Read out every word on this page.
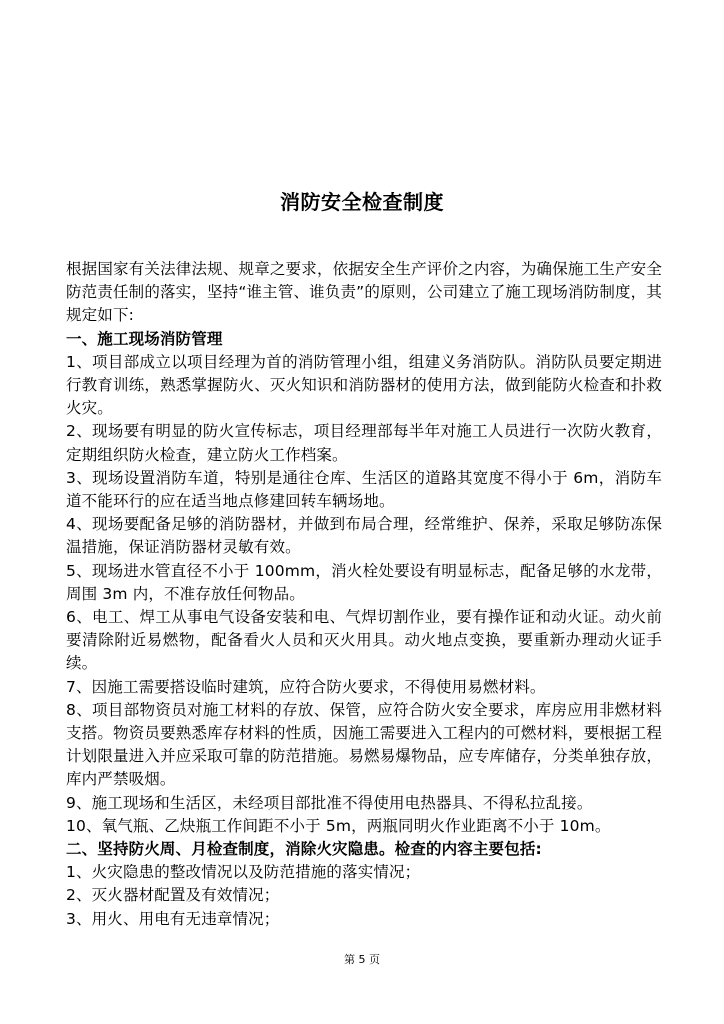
消防安全检查制度

根据国家有关法律法规、规章之要求，依据安全生产评价之内容，为确保施工生产安全防范责任制的落实，坚持“谁主管、谁负责”的原则，公司建立了施工现场消防制度，其规定如下:

一、施工现场消防管理

1、项目部成立以项目经理为首的消防管理小组，组建义务消防队。消防队员要定期进行教育训练，熟悉掌握防火、灭火知识和消防器材的使用方法，做到能防火检查和扑救火灾。

2、现场要有明显的防火宣传标志，项目经理部每半年对施工人员进行一次防火教育，定期组织防火检查，建立防火工作档案。

3、现场设置消防车道，特别是通往仓库、生活区的道路其宽度不得小于 6m，消防车道不能环行的应在适当地点修建回转车辆场地。

4、现场要配备足够的消防器材，并做到布局合理，经常维护、保养，采取足够防冻保温措施，保证消防器材灵敏有效。

5、现场进水管直径不小于 100mm，消火栓处要设有明显标志，配备足够的水龙带，周围 3m 内，不准存放任何物品。

6、电工、焊工从事电气设备安装和电、气焊切割作业，要有操作证和动火证。动火前要清除附近易燃物，配备看火人员和灭火用具。动火地点变换，要重新办理动火证手续。

7、因施工需要搭设临时建筑，应符合防火要求，不得使用易燃材料。

8、项目部物资员对施工材料的存放、保管，应符合防火安全要求，库房应用非燃材料支搭。物资员要熟悉库存材料的性质，因施工需要进入工程内的可燃材料，要根据工程计划限量进入并应采取可靠的防范措施。易燃易爆物品，应专库储存，分类单独存放，库内严禁吸烟。

9、施工现场和生活区，未经项目部批准不得使用电热器具、不得私拉乱接。

10、氧气瓶、乙炔瓶工作间距不小于 5m，两瓶同明火作业距离不小于 10m。

二、坚持防火周、月检查制度，消除火灾隐患。检查的内容主要包括:

1、火灾隐患的整改情况以及防范措施的落实情况；

2、灭火器材配置及有效情况；

3、用火、用电有无违章情况；

第 5 页
